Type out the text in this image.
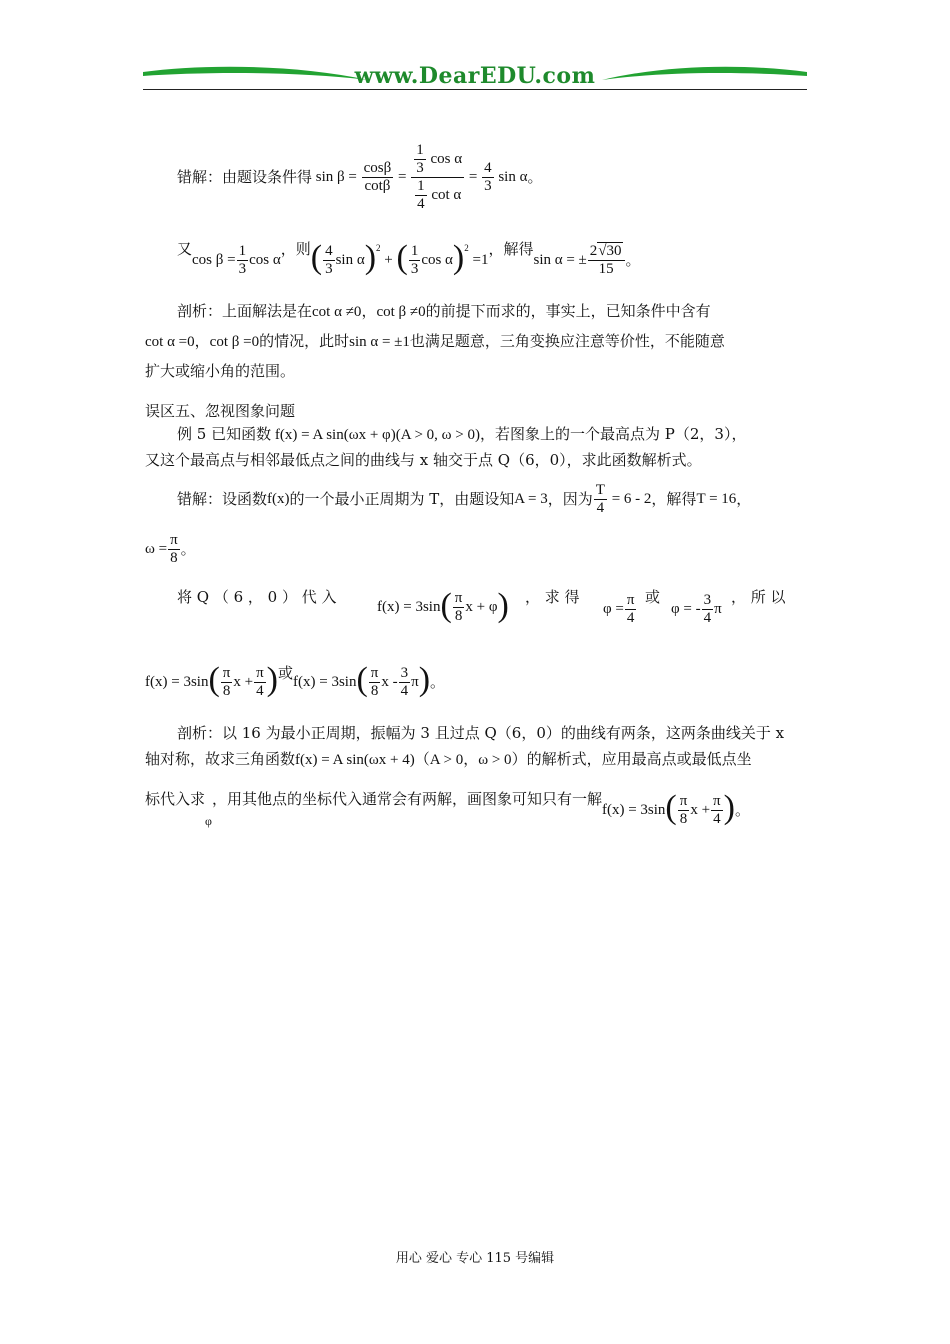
www.DearEDU.com
错解：由题设条件得 $\sin \beta = \frac{\cos\beta}{\cot\beta} = \frac{\frac{1}{3} \cos \alpha}{\frac{1}{4} \cot \alpha} = \frac{4}{3}$ sin α 。
又
$\cos \beta = \frac{1}{3}$ cos α
，则 ( $\frac{4}{3}$ sin α)$^2$ + ( $\frac{1}{3}$ cos α)$^2$ =1
，解得
sin α = ± $\frac{2√30}{15}$ 。
剖析：上面解法是在cot α ≠0，cot β ≠0的前提下而求的，事实上，已知条件中含有
cot α =0，cot β =0的情况，此时sin α = ±1也满足题意，三角变换应注意等价性，不能随意
扩大或缩小角的范围。
误区五、忽视图象问题
例 5 已知函数 f(x) = A sin(ωx + φ)(A > 0, ω > 0)，若图象上的一个最高点为 P（2，3），
又这个最高点与相邻最低点之间的曲线与 x 轴交于点 Q（6，0），求此函数解析式。
错解：设函数 f(x) 的一个最小正周期为 T，由题设知 A = 3 ，因为 $\frac{T}{4} = 6 - 2$ ，解得 T = 16 ，
$\omega = \frac{\pi}{8}$ 。
将 Q （ 6 ， 0 ） 代 入
$f(x) = 3\sin( \frac{\pi}{8}$ x + φ) ， 求 得
$\varphi = \frac{\pi}{4}$ 或
φ = - $\frac{3}{4}$ π
， 所 以
$f(x) = 3\sin( \frac{\pi}{8}$ $x + \frac{\pi}{4}$ ) 或 $f(x) = 3\sin( \frac{\pi}{8}$ x - $\frac{3}{4} \pi$) 。
剖析：以 16 为最小正周期，振幅为 3 且过点 Q（6，0）的曲线有两条，这两条曲线关于 x
轴对称，故求三角函数f(x) = A sin(ωx + 4)（A > 0，ω > 0）的解析式，应用最高点或最低点坐
标代入求
φ
，用其他点的坐标代入通常会有两解，画图象可知只有一解
$f(x) = 3\sin( \frac{\pi}{8}$ $x + \frac{\pi}{4}$ ) 。
用心 爱心 专心 115 号编辑
